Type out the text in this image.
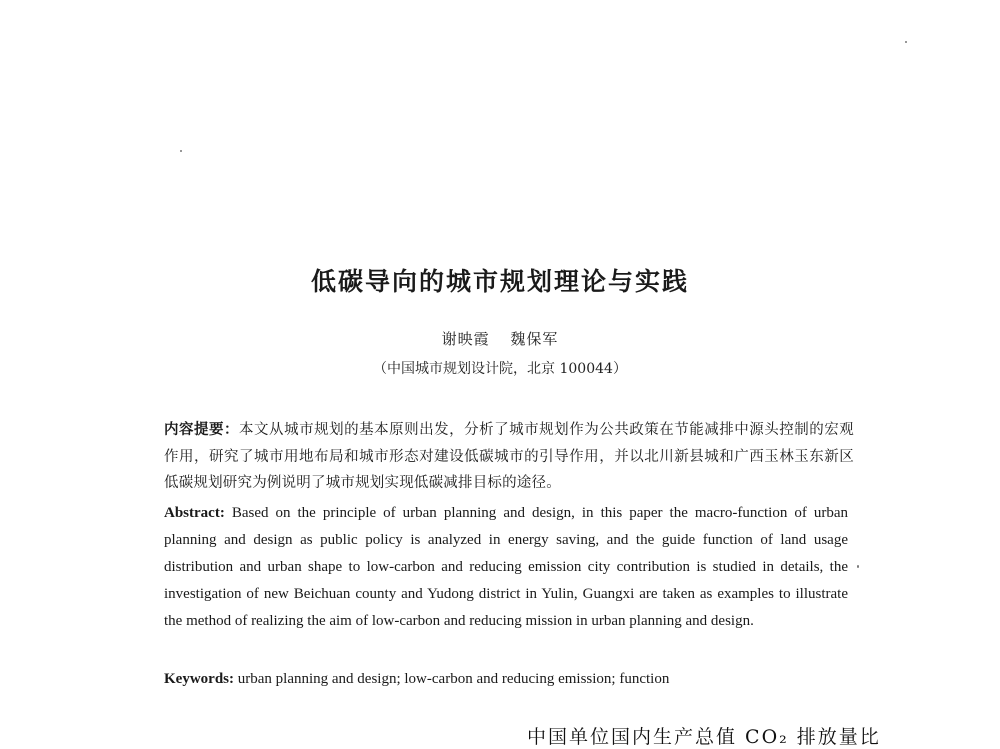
低碳导向的城市规划理论与实践
谢映霞 魏保军
（中国城市规划设计院，北京 100044）
内容提要：本文从城市规划的基本原则出发，分析了城市规划作为公共政策在节能减排中源头控制的宏观作用，研究了城市用地布局和城市形态对建设低碳城市的引导作用，并以北川新县城和广西玉林玉东新区低碳规划研究为例说明了城市规划实现低碳减排目标的途径。
Abstract: Based on the principle of urban planning and design, in this paper the macro-function of urban planning and design as public policy is analyzed in energy saving, and the guide function of land usage distribution and urban shape to low-carbon and reducing emission city contribution is studied in details, the investigation of new Beichuan county and Yudong district in Yulin, Guangxi are taken as examples to illustrate the method of realizing the aim of low-carbon and reducing mission in urban planning and design.
Keywords: urban planning and design; low-carbon and reducing emission; function
中国单位国内生产总值 CO₂ 排放量比
